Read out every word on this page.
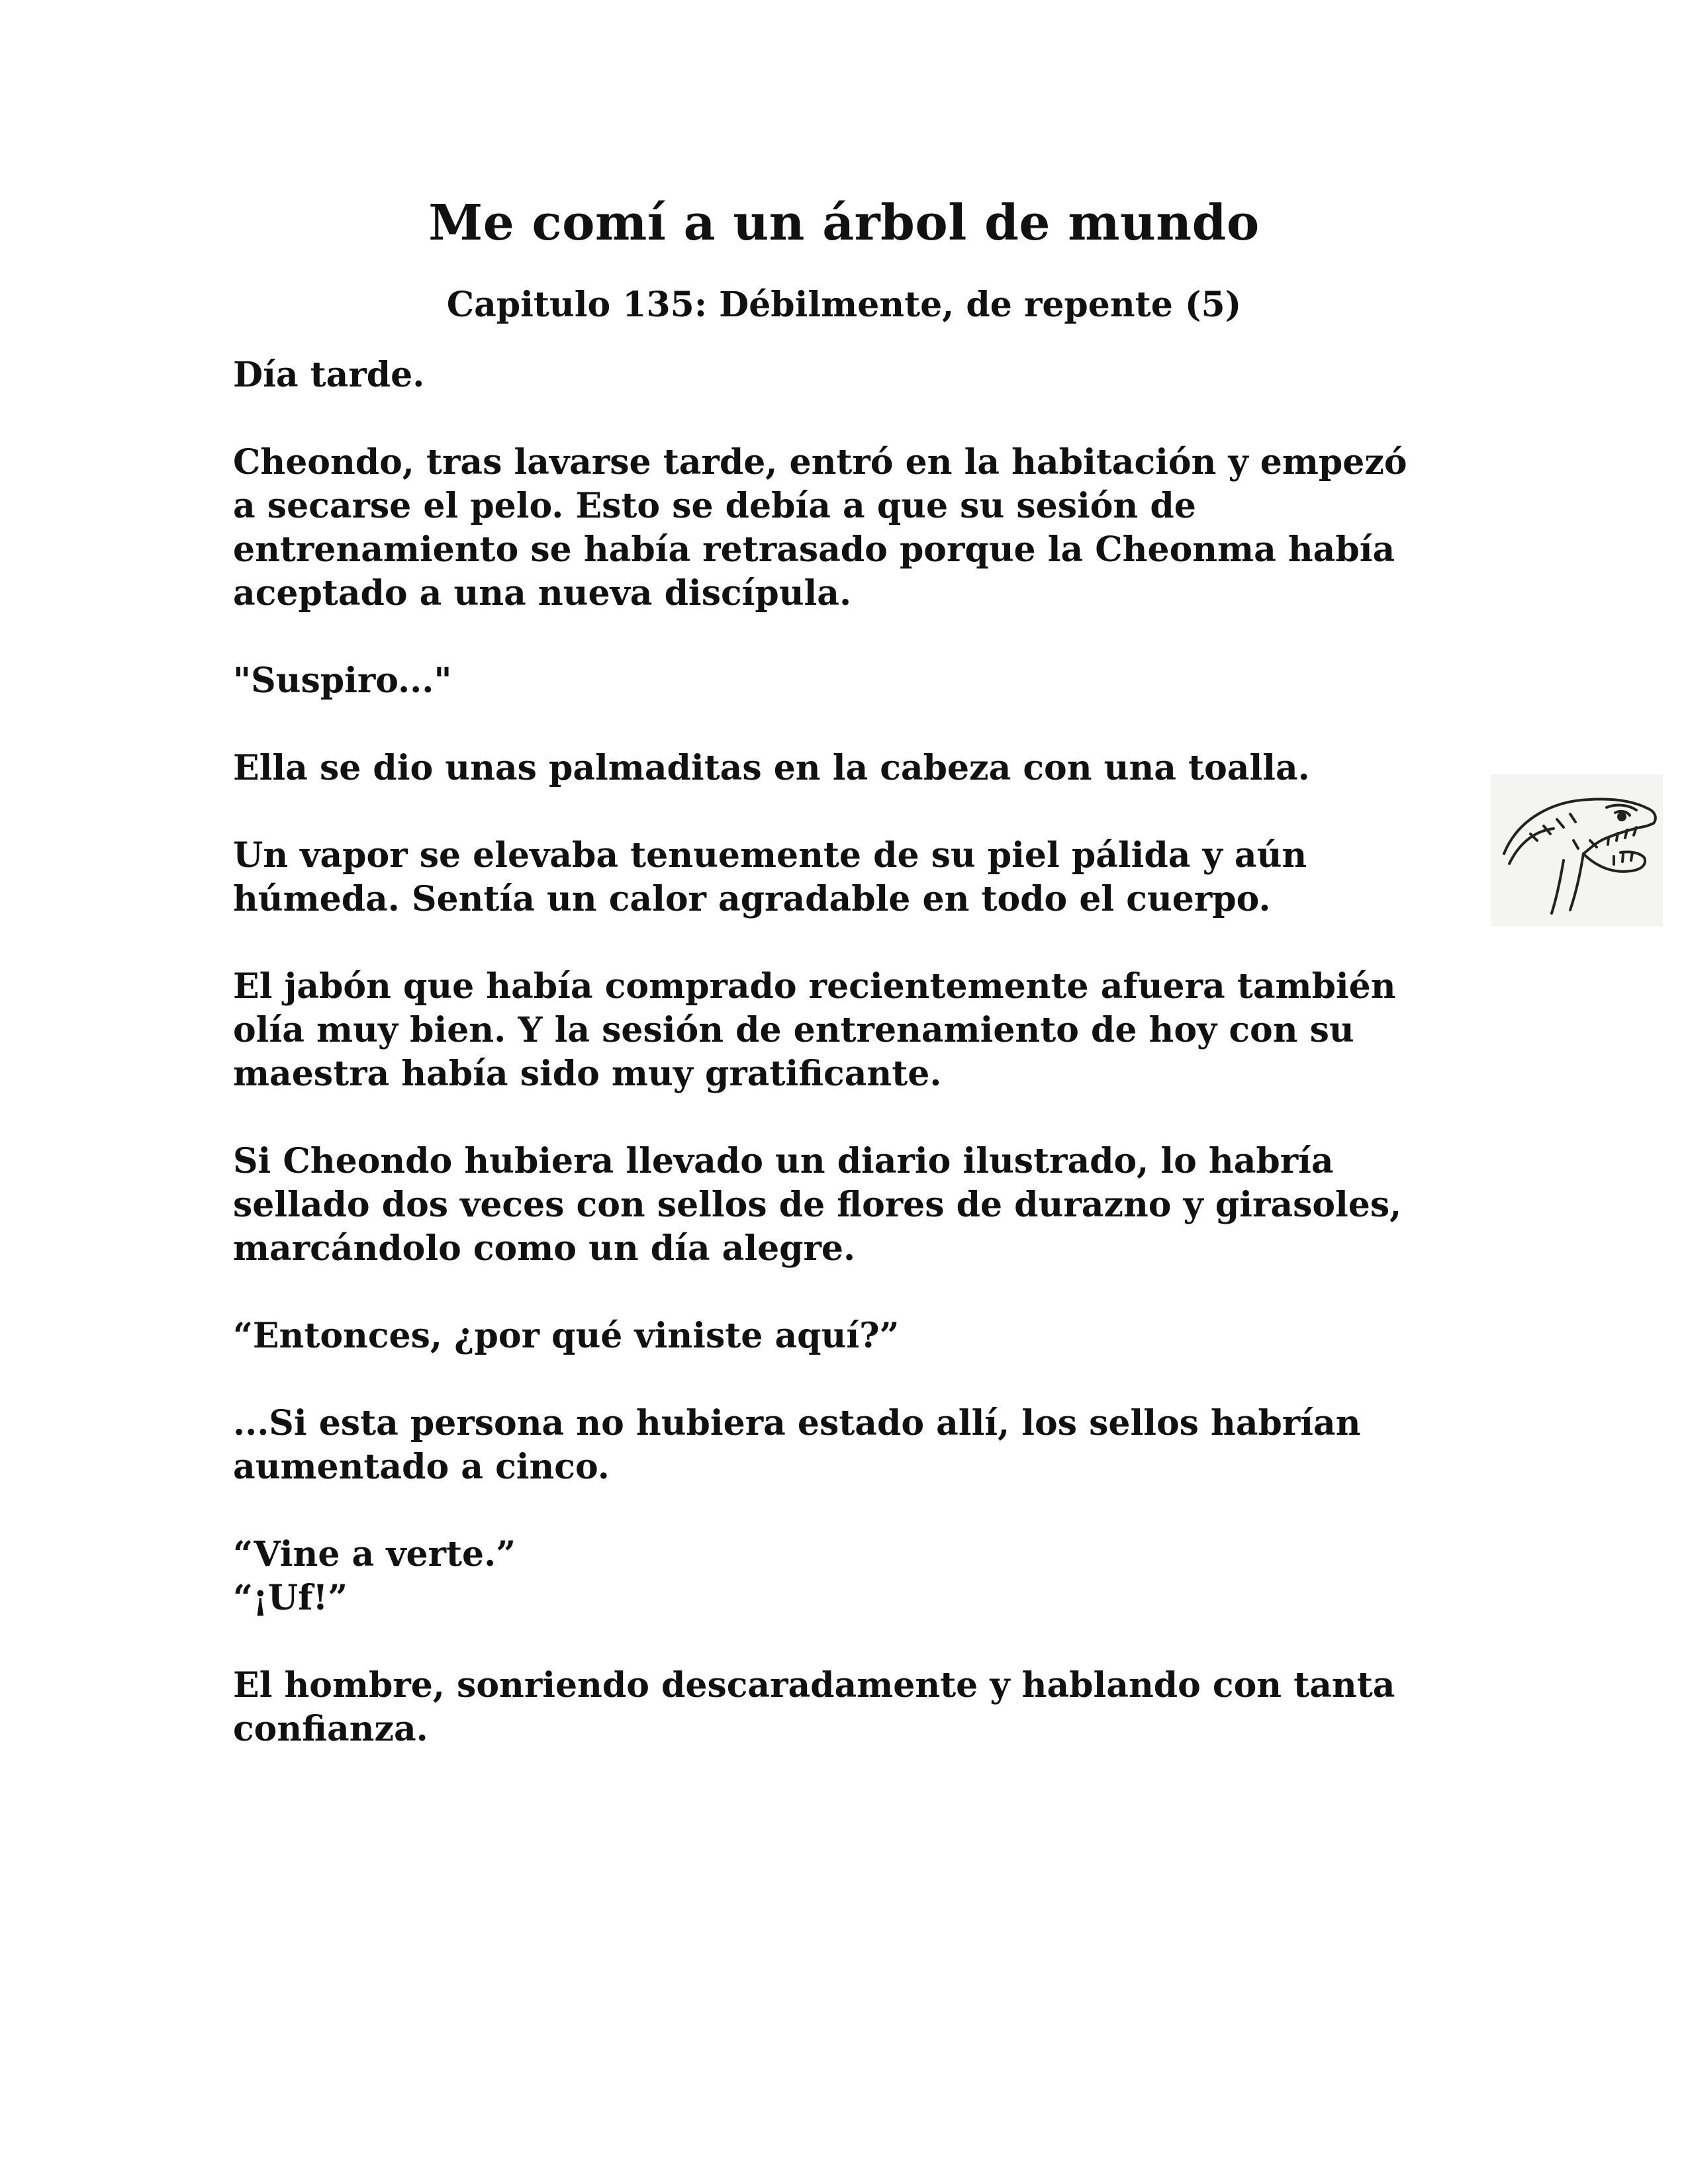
Me comí a un árbol de mundo
Capitulo 135: Débilmente, de repente (5)

Día tarde.

Cheondo, tras lavarse tarde, entró en la habitación y empezó
a secarse el pelo. Esto se debía a que su sesión de
entrenamiento se había retrasado porque la Cheonma había
aceptado a una nueva discípula.

"Suspiro..."

Ella se dio unas palmaditas en la cabeza con una toalla.

Un vapor se elevaba tenuemente de su piel pálida y aún
húmeda. Sentía un calor agradable en todo el cuerpo.

El jabón que había comprado recientemente afuera también
olía muy bien. Y la sesión de entrenamiento de hoy con su
maestra había sido muy gratificante.

Si Cheondo hubiera llevado un diario ilustrado, lo habría
sellado dos veces con sellos de flores de durazno y girasoles,
marcándolo como un día alegre.

“Entonces, ¿por qué viniste aquí?”

...Si esta persona no hubiera estado allí, los sellos habrían
aumentado a cinco.

“Vine a verte.”

“¡Uf!”

El hombre, sonriendo descaradamente y hablando con tanta
confianza.
